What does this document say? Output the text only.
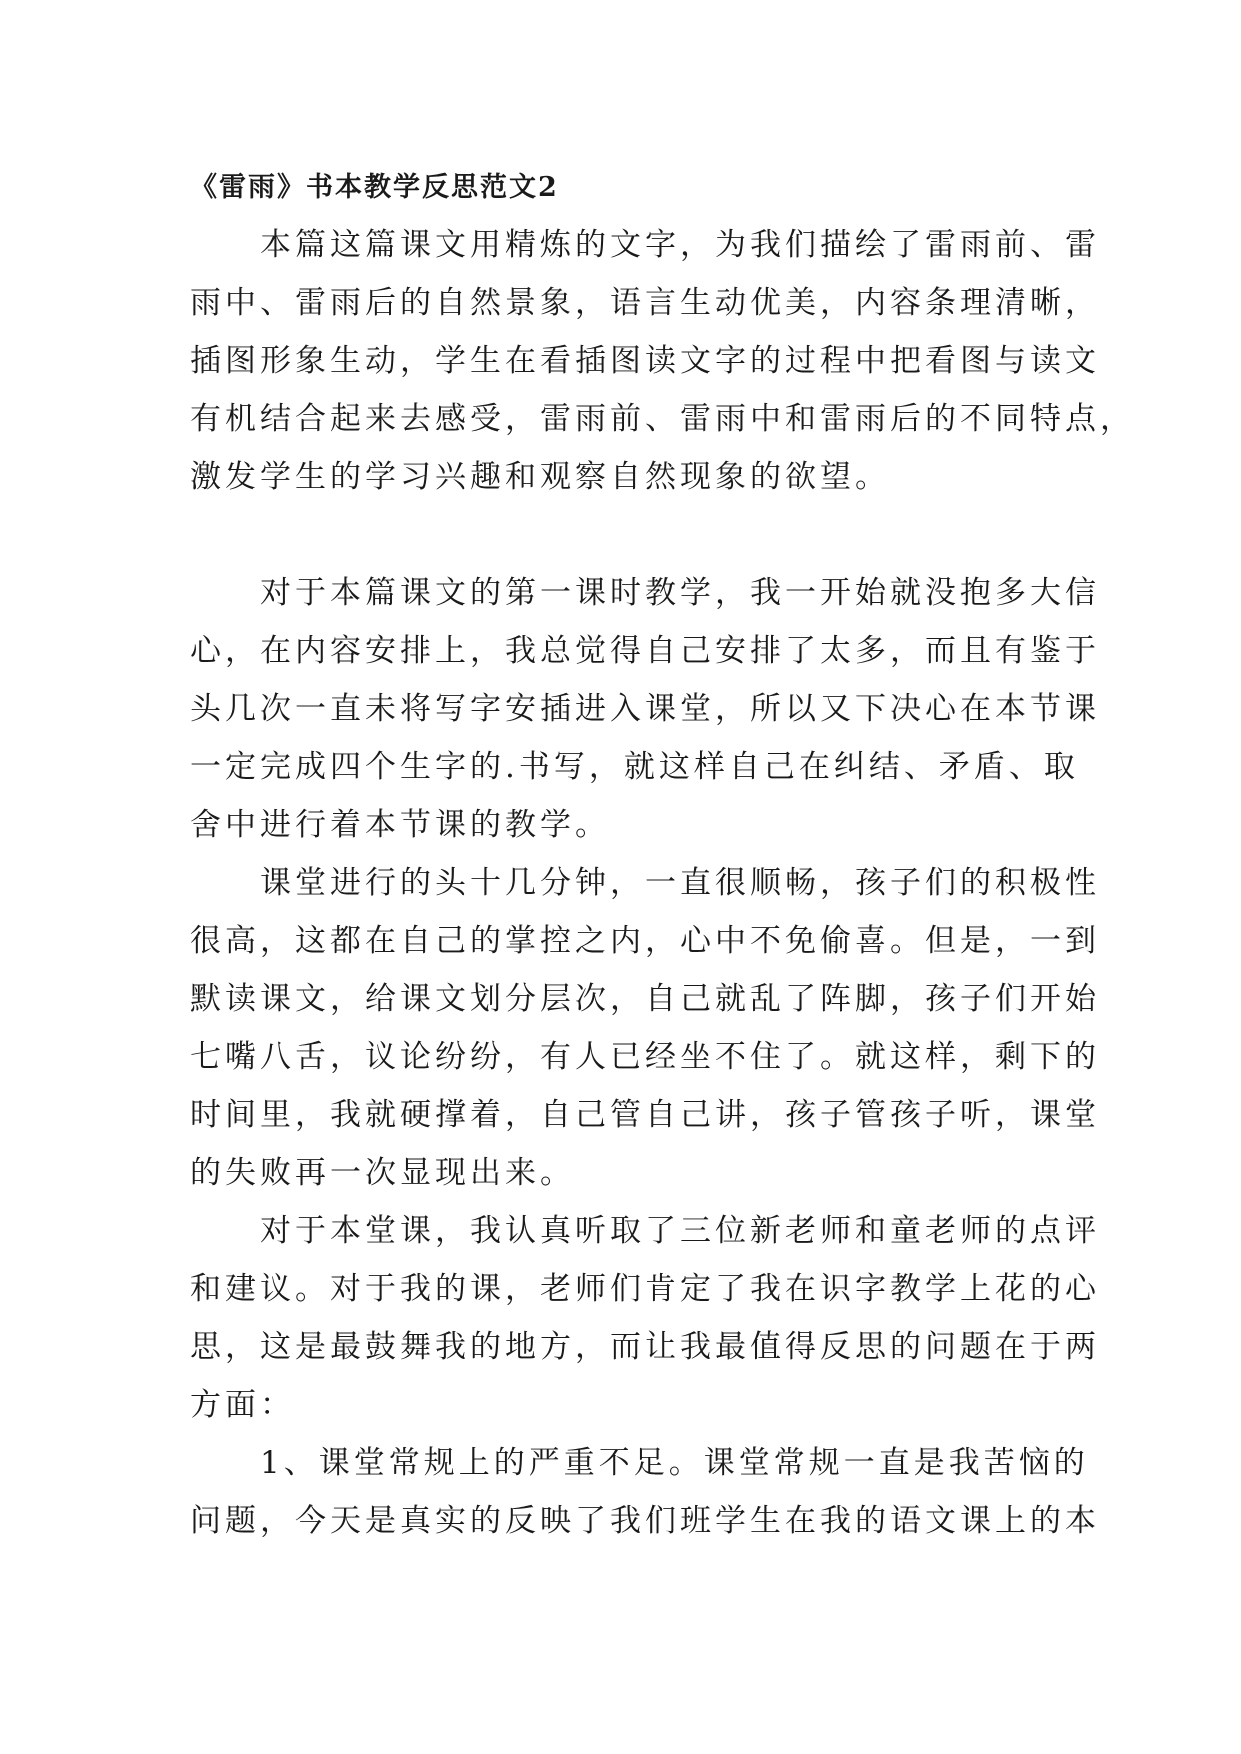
《雷雨》书本教学反思范文2

　　本篇这篇课文用精炼的文字，为我们描绘了雷雨前、雷
雨中、雷雨后的自然景象，语言生动优美，内容条理清晰，
插图形象生动，学生在看插图读文字的过程中把看图与读文
有机结合起来去感受，雷雨前、雷雨中和雷雨后的不同特点，
激发学生的学习兴趣和观察自然现象的欲望。

　　对于本篇课文的第一课时教学，我一开始就没抱多大信
心，在内容安排上，我总觉得自己安排了太多，而且有鉴于
头几次一直未将写字安插进入课堂，所以又下决心在本节课
一定完成四个生字的.书写，就这样自己在纠结、矛盾、取
舍中进行着本节课的教学。

　　课堂进行的头十几分钟，一直很顺畅，孩子们的积极性
很高，这都在自己的掌控之内，心中不免偷喜。但是，一到
默读课文，给课文划分层次，自己就乱了阵脚，孩子们开始
七嘴八舌，议论纷纷，有人已经坐不住了。就这样，剩下的
时间里，我就硬撑着，自己管自己讲，孩子管孩子听，课堂
的失败再一次显现出来。

　　对于本堂课，我认真听取了三位新老师和童老师的点评
和建议。对于我的课，老师们肯定了我在识字教学上花的心
思，这是最鼓舞我的地方，而让我最值得反思的问题在于两
方面：

　　1、课堂常规上的严重不足。课堂常规一直是我苦恼的
问题，今天是真实的反映了我们班学生在我的语文课上的本
